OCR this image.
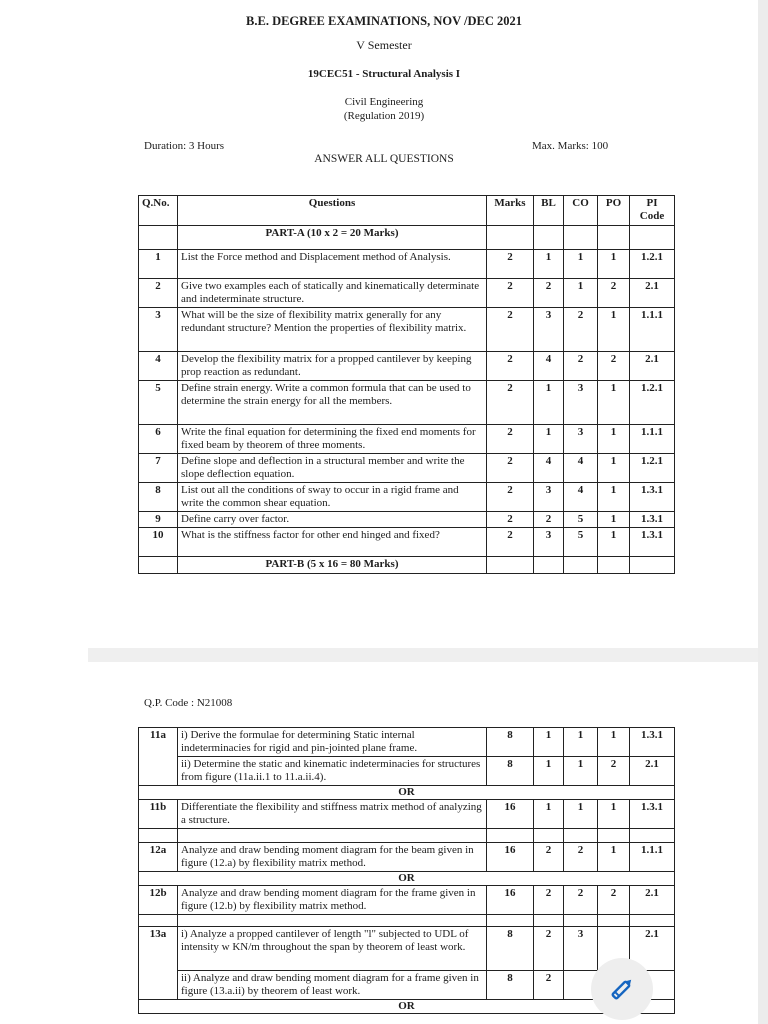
B.E. DEGREE EXAMINATIONS, NOV /DEC 2021
V Semester
19CEC51 - Structural Analysis I
Civil Engineering
(Regulation 2019)
Duration: 3 Hours	Max. Marks: 100
ANSWER ALL QUESTIONS
Q.No.	Questions	Marks	BL	CO	PO	PI Code
	PART-A (10 x 2 = 20 Marks)					
1	List the Force method and Displacement method of Analysis.	2	1	1	1	1.2.1
2	Give two examples each of statically and kinematically determinate and indeterminate structure.	2	2	1	2	2.1
3	What will be the size of flexibility matrix generally for any redundant structure? Mention the properties of flexibility matrix.	2	3	2	1	1.1.1
4	Develop the flexibility matrix for a propped cantilever by keeping prop reaction as redundant.	2	4	2	2	2.1
5	Define strain energy. Write a common formula that can be used to determine the strain energy for all the members.	2	1	3	1	1.2.1
6	Write the final equation for determining the fixed end moments for fixed beam by theorem of three moments.	2	1	3	1	1.1.1
7	Define slope and deflection in a structural member and write the slope deflection equation.	2	4	4	1	1.2.1
8	List out all the conditions of sway to occur in a rigid frame and write the common shear equation.	2	3	4	1	1.3.1
9	Define carry over factor.	2	2	5	1	1.3.1
10	What is the stiffness factor for other end hinged and fixed?	2	3	5	1	1.3.1
	PART-B (5 x 16 = 80 Marks)					
Q.P. Code : N21008
11a	i) Derive the formulae for determining Static internal indeterminacies for rigid and pin-jointed plane frame.	8	1	1	1	1.3.1
	ii) Determine the static and kinematic indeterminacies for structures from figure (11a.ii.1 to 11.a.ii.4).	8	1	1	2	2.1
OR						
11b	Differentiate the flexibility and stiffness matrix method of analyzing a structure.	16	1	1	1	1.3.1

12a	Analyze and draw bending moment diagram for the beam given in figure (12.a) by flexibility matrix method.	16	2	2	1	1.1.1
OR						
12b	Analyze and draw bending moment diagram for the frame given in figure (12.b) by flexibility matrix method.	16	2	2	2	2.1

13a	i) Analyze a propped cantilever of length "l" subjected to UDL of intensity w KN/m throughout the span by theorem of least work.	8	2	3		2.1
	ii) Analyze and draw bending moment diagram for a frame given in figure (13.a.ii) by theorem of least work.	8	2			
OR						
